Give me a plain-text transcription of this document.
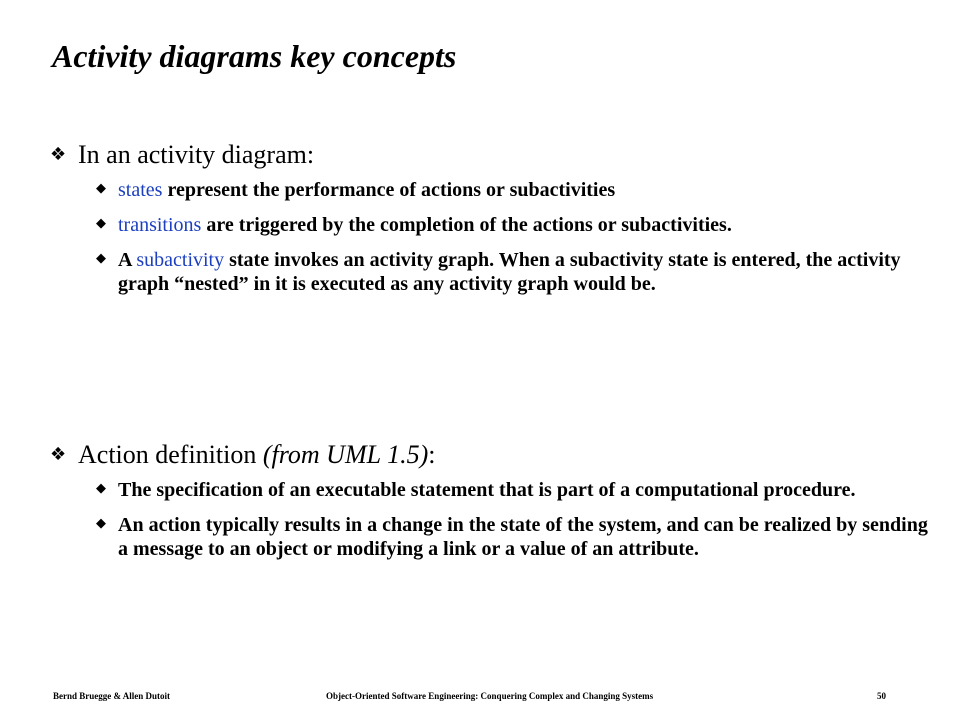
Activity diagrams key concepts
❖ In an activity diagram:
◆ states represent the performance of actions or subactivities
◆ transitions are triggered by the completion of the actions or subactivities.
◆ A subactivity state invokes an activity graph. When a subactivity state is entered, the activity graph “nested” in it is executed as any activity graph would be.
❖ Action definition (from UML 1.5):
◆ The specification of an executable statement that is part of a computational procedure.
◆ An action typically results in a change in the state of the system, and can be realized by sending a message to an object or modifying a link or a value of an attribute.
Bernd Bruegge & Allen Dutoit	Object-Oriented Software Engineering: Conquering Complex and Changing Systems	50
